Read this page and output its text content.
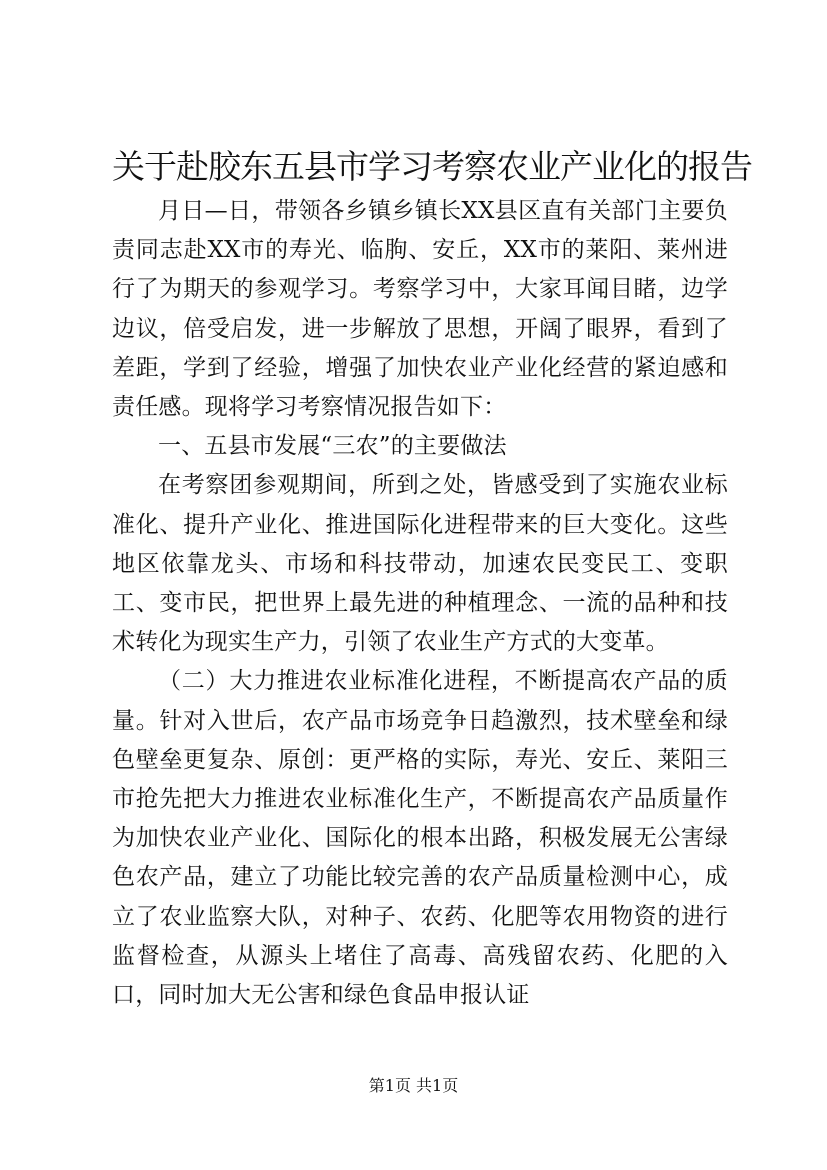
关于赴胶东五县市学习考察农业产业化的报告

月日—日，带领各乡镇乡镇长XX县区直有关部门主要负责同志赴XX市的寿光、临朐、安丘，XX市的莱阳、莱州进行了为期天的参观学习。考察学习中，大家耳闻目睹，边学边议，倍受启发，进一步解放了思想，开阔了眼界，看到了差距，学到了经验，增强了加快农业产业化经营的紧迫感和责任感。现将学习考察情况报告如下：

一、五县市发展“三农”的主要做法

在考察团参观期间，所到之处，皆感受到了实施农业标准化、提升产业化、推进国际化进程带来的巨大变化。这些地区依靠龙头、市场和科技带动，加速农民变民工、变职工、变市民，把世界上最先进的种植理念、一流的品种和技术转化为现实生产力，引领了农业生产方式的大变革。

（二）大力推进农业标准化进程，不断提高农产品的质量。针对入世后，农产品市场竞争日趋激烈，技术壁垒和绿色壁垒更复杂、原创：更严格的实际，寿光、安丘、莱阳三市抢先把大力推进农业标准化生产，不断提高农产品质量作为加快农业产业化、国际化的根本出路，积极发展无公害绿色农产品，建立了功能比较完善的农产品质量检测中心，成立了农业监察大队，对种子、农药、化肥等农用物资的进行监督检查，从源头上堵住了高毒、高残留农药、化肥的入口，同时加大无公害和绿色食品申报认证

第1页 共1页
